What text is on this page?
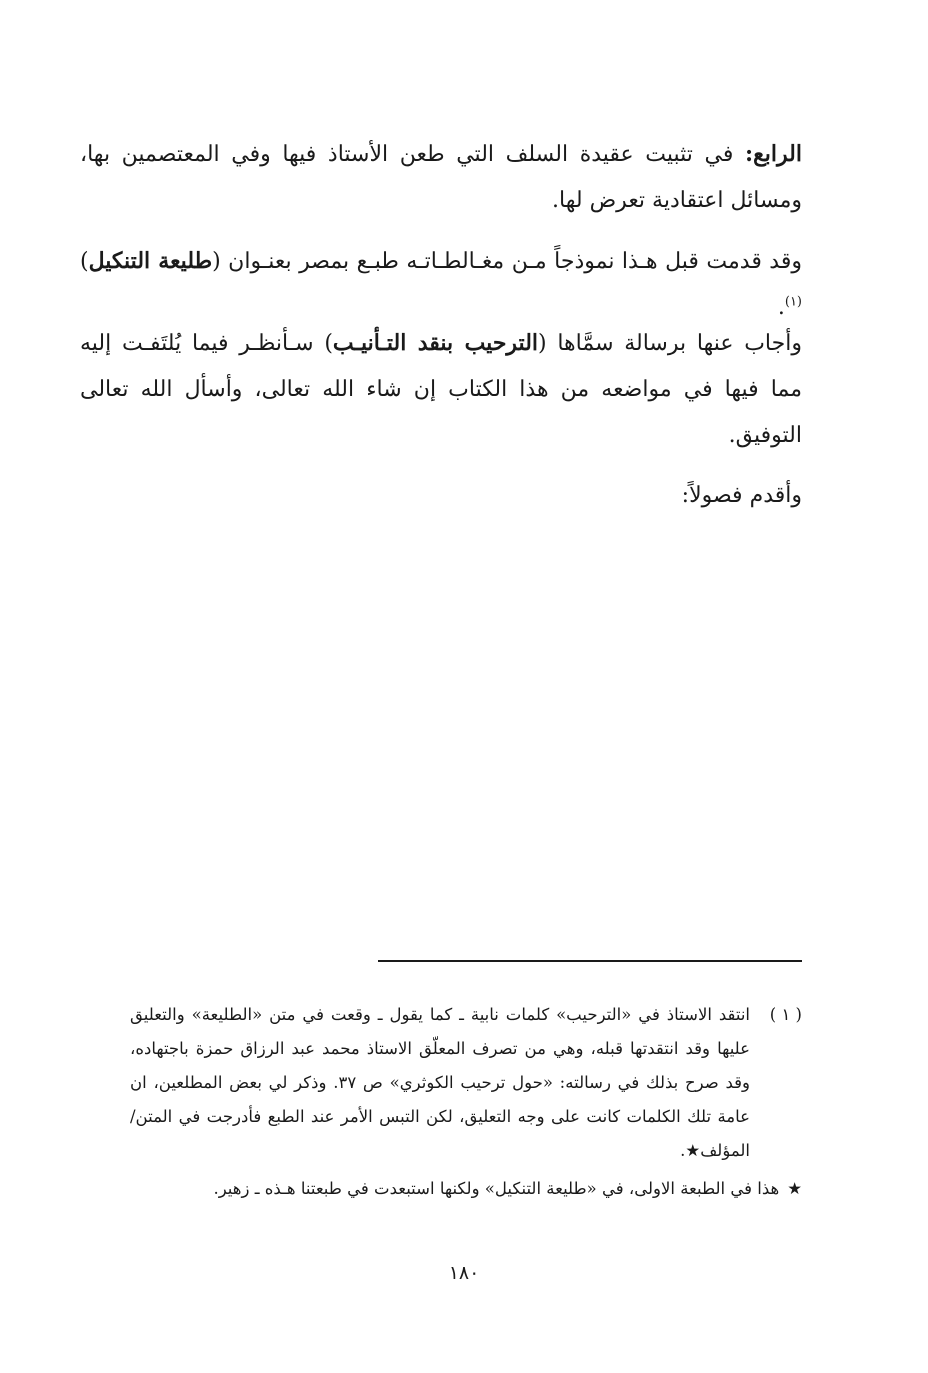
الرابع: في تثبيت عقيدة السلف التي طعن الأستاذ فيها وفي المعتصمين بها، ومسائل اعتقادية تعرض لها.

وقد قدمت قبل هـذا نموذجاً مـن مغـالطـاتـه طبـع بمصر بعنـوان (طليعة التنكيل)$^{(١)}$.

وأجاب عنها برسالة سمَّاها (الترحيب بنقد التـأنيـب) سـأنظـر فيما يُلتَفـت إليه مما فيها في مواضعه من هذا الكتاب إن شاء الله تعالى، وأسأل الله تعالى التوفيق.

وأقدم فصولاً:

( ١ )
انتقد الاستاذ في «الترحيب» كلمات نابية ـ كما يقول ـ وقعت في متن «الطليعة» والتعليق عليها وقد انتقدتها قبله، وهي من تصرف المعلّق الاستاذ محمد عبد الرزاق حمزة باجتهاده، وقد صرح بذلك في رسالته: «حول ترحيب الكوثري» ص ٣٧. وذكر لي بعض المطلعين، ان عامة تلك الكلمات كانت على وجه التعليق، لكن التبس الأمر عند الطبع فأدرجت في المتن/ المؤلف★.
★هذا في الطبعة الاولى، في «طليعة التنكيل» ولكنها استبعدت في طبعتنا هـذه ـ زهير.
١٨٠
